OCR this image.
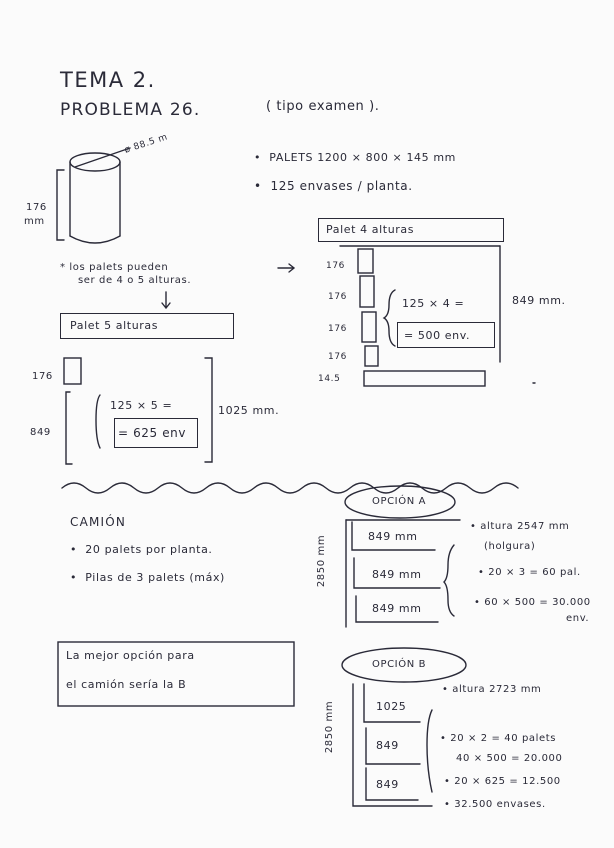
TEMA 2.
PROBLEMA 26.	( tipo examen ).
ø 88.5 m
176
mm
•  PALETS 1200 × 800 × 145 mm
•  125 envases / planta.
* los palets pueden
ser de 4 o 5 alturas.
Palet 4 alturas
176
176
176
176
14.5
125 × 4 =
= 500 env.
849 mm.
Palet 5 alturas
176
849
125 × 5 =
= 625 env
1025 mm.
CAMIÓN
•  20 palets por planta.
•  Pilas de 3 palets (máx)
OPCIÓN A
2850 mm	849 mm
849 mm
849 mm
• altura 2547 mm
(holgura)
• 20 × 3 = 60 pal.
• 60 × 500 = 30.000
env.
La mejor opción para
el camión sería la B
OPCIÓN B
2850 mm	1025
849
849
• altura 2723 mm
• 20 × 2 = 40 palets
40 × 500 = 20.000
• 20 × 625 = 12.500
• 32.500 envases.
